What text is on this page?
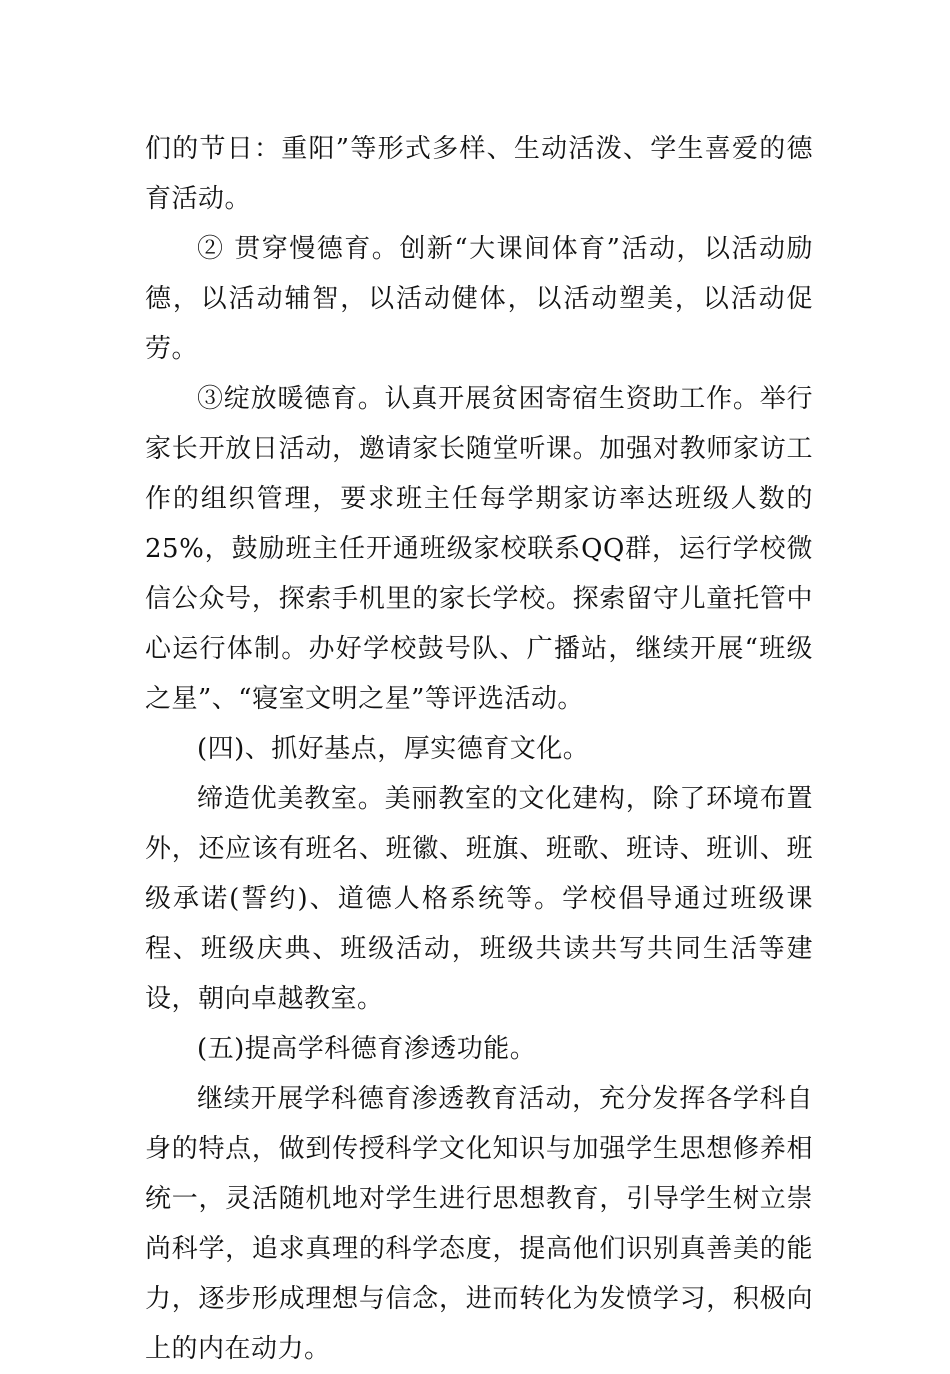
们的节日：重阳”等形式多样、生动活泼、学生喜爱的德育活动。

② 贯穿慢德育。创新“大课间体育”活动，以活动励德，以活动辅智，以活动健体，以活动塑美，以活动促劳。

③绽放暖德育。认真开展贫困寄宿生资助工作。举行家长开放日活动，邀请家长随堂听课。加强对教师家访工作的组织管理，要求班主任每学期家访率达班级人数的25%，鼓励班主任开通班级家校联系QQ群，运行学校微信公众号，探索手机里的家长学校。探索留守儿童托管中心运行体制。办好学校鼓号队、广播站，继续开展“班级之星”、“寝室文明之星”等评选活动。

(四)、抓好基点，厚实德育文化。

缔造优美教室。美丽教室的文化建构，除了环境布置外，还应该有班名、班徽、班旗、班歌、班诗、班训、班级承诺(誓约)、道德人格系统等。学校倡导通过班级课程、班级庆典、班级活动，班级共读共写共同生活等建设，朝向卓越教室。

(五)提高学科德育渗透功能。

继续开展学科德育渗透教育活动，充分发挥各学科自身的特点，做到传授科学文化知识与加强学生思想修养相统一，灵活随机地对学生进行思想教育，引导学生树立崇尚科学，追求真理的科学态度，提高他们识别真善美的能力，逐步形成理想与信念，进而转化为发愤学习，积极向上的内在动力。
